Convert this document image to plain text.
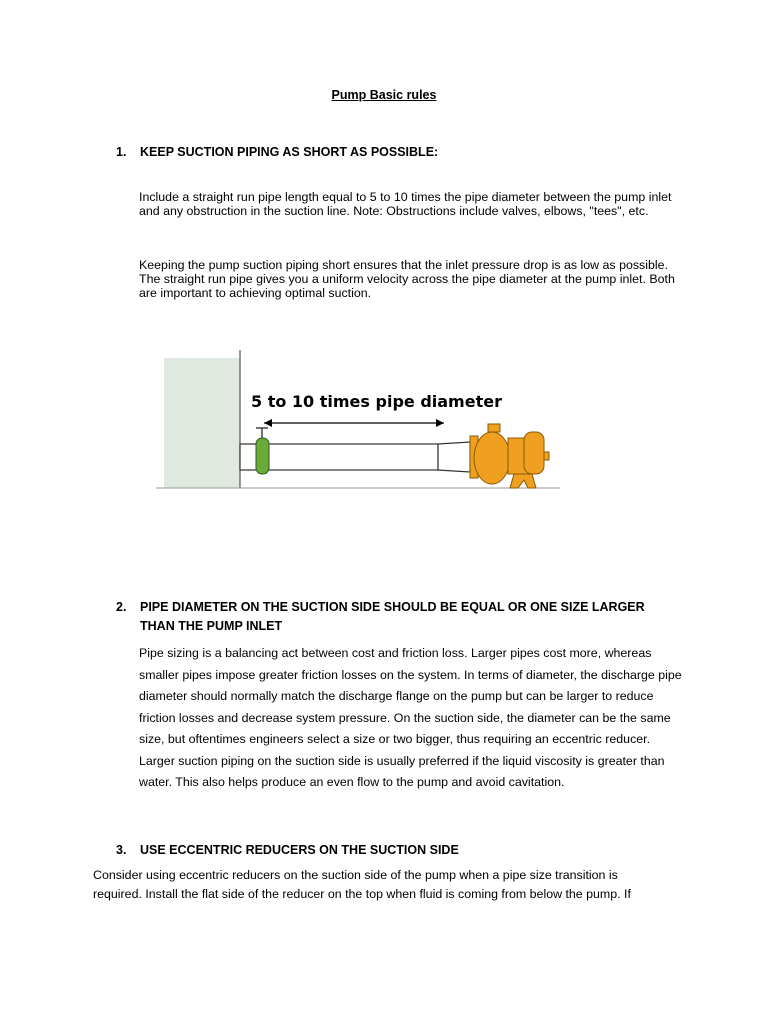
Pump Basic rules
1. KEEP SUCTION PIPING AS SHORT AS POSSIBLE:
Include a straight run pipe length equal to 5 to 10 times the pipe diameter between the pump inlet and any obstruction in the suction line. Note: Obstructions include valves, elbows, "tees", etc.
Keeping the pump suction piping short ensures that the inlet pressure drop is as low as possible. The straight run pipe gives you a uniform velocity across the pipe diameter at the pump inlet. Both are important to achieving optimal suction.
5 to 10 times pipe diameter
2. PIPE DIAMETER ON THE SUCTION SIDE SHOULD BE EQUAL OR ONE SIZE LARGER
THAN THE PUMP INLET
Pipe sizing is a balancing act between cost and friction loss. Larger pipes cost more, whereas smaller pipes impose greater friction losses on the system. In terms of diameter, the discharge pipe diameter should normally match the discharge flange on the pump but can be larger to reduce friction losses and decrease system pressure. On the suction side, the diameter can be the same size, but oftentimes engineers select a size or two bigger, thus requiring an eccentric reducer. Larger suction piping on the suction side is usually preferred if the liquid viscosity is greater than water. This also helps produce an even flow to the pump and avoid cavitation.
3. USE ECCENTRIC REDUCERS ON THE SUCTION SIDE
Consider using eccentric reducers on the suction side of the pump when a pipe size transition is required. Install the flat side of the reducer on the top when fluid is coming from below the pump. If
